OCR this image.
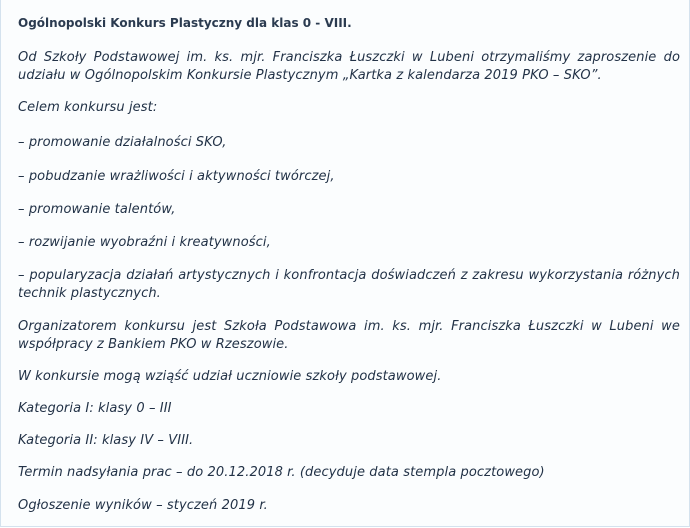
Ogólnopolski Konkurs Plastyczny dla klas 0 - VIII.
Od Szkoły Podstawowej im. ks. mjr. Franciszka Łuszczki w Lubeni otrzymaliśmy zaproszenie do udziału w Ogólnopolskim Konkursie Plastycznym „Kartka z kalendarza 2019 PKO – SKO”.
Celem konkursu jest:
– promowanie działalności SKO,
– pobudzanie wrażliwości i aktywności twórczej,
– promowanie talentów,
– rozwijanie wyobraźni i kreatywności,
– popularyzacja działań artystycznych i konfrontacja doświadczeń z zakresu wykorzystania różnych technik plastycznych.
Organizatorem konkursu jest Szkoła Podstawowa im. ks. mjr. Franciszka Łuszczki w Lubeni we współpracy z Bankiem PKO w Rzeszowie.
W konkursie mogą wziąść udział uczniowie szkoły podstawowej.
Kategoria I: klasy 0 – III
Kategoria II: klasy IV – VIII.
Termin nadsyłania prac – do 20.12.2018 r. (decyduje data stempla pocztowego)
Ogłoszenie wyników – styczeń 2019 r.
